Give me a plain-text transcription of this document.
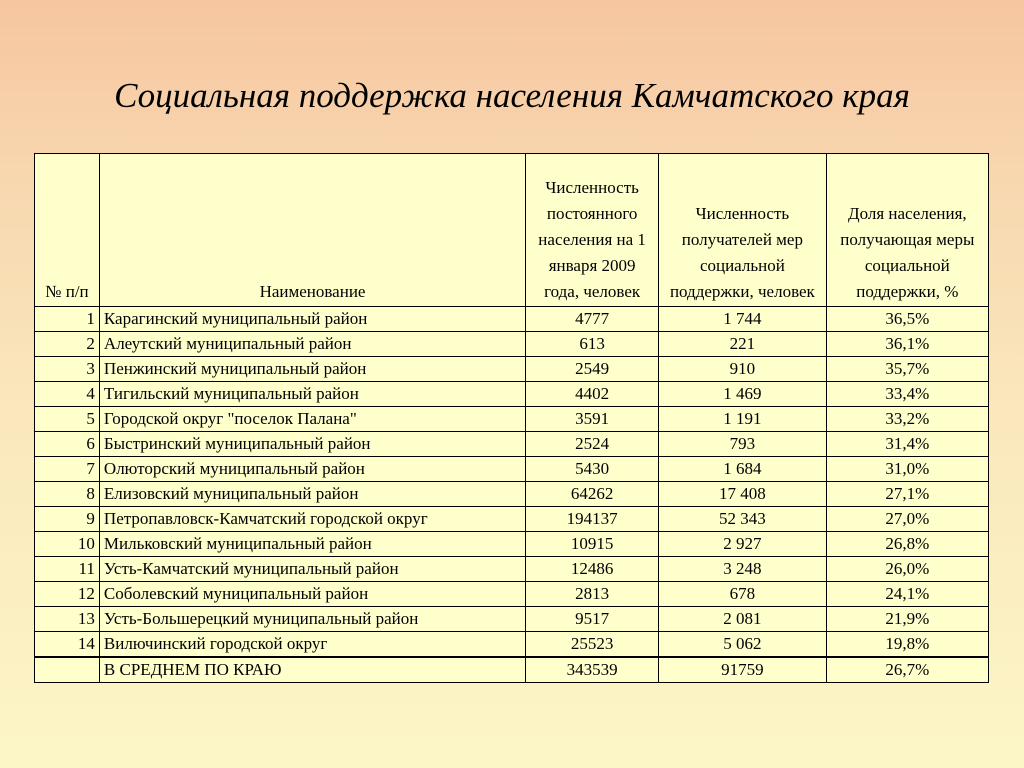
Социальная поддержка населения Камчатского края
№ п/п	Наименование	Численность постоянного населения на 1 января 2009 года, человек	Численность получателей мер социальной поддержки, человек	Доля населения, получающая меры социальной поддержки, %
1	Карагинский муниципальный район	4777	1 744	36,5%
2	Алеутский муниципальный район	613	221	36,1%
3	Пенжинский муниципальный район	2549	910	35,7%
4	Тигильский муниципальный район	4402	1 469	33,4%
5	Городской округ "поселок Палана"	3591	1 191	33,2%
6	Быстринский муниципальный район	2524	793	31,4%
7	Олюторский муниципальный район	5430	1 684	31,0%
8	Елизовский муниципальный район	64262	17 408	27,1%
9	Петропавловск-Камчатский городской округ	194137	52 343	27,0%
10	Мильковский муниципальный район	10915	2 927	26,8%
11	Усть-Камчатский муниципальный район	12486	3 248	26,0%
12	Соболевский муниципальный район	2813	678	24,1%
13	Усть-Большерецкий муниципальный район	9517	2 081	21,9%
14	Вилючинский городской округ	25523	5 062	19,8%
	В СРЕДНЕМ ПО КРАЮ	343539	91759	26,7%
